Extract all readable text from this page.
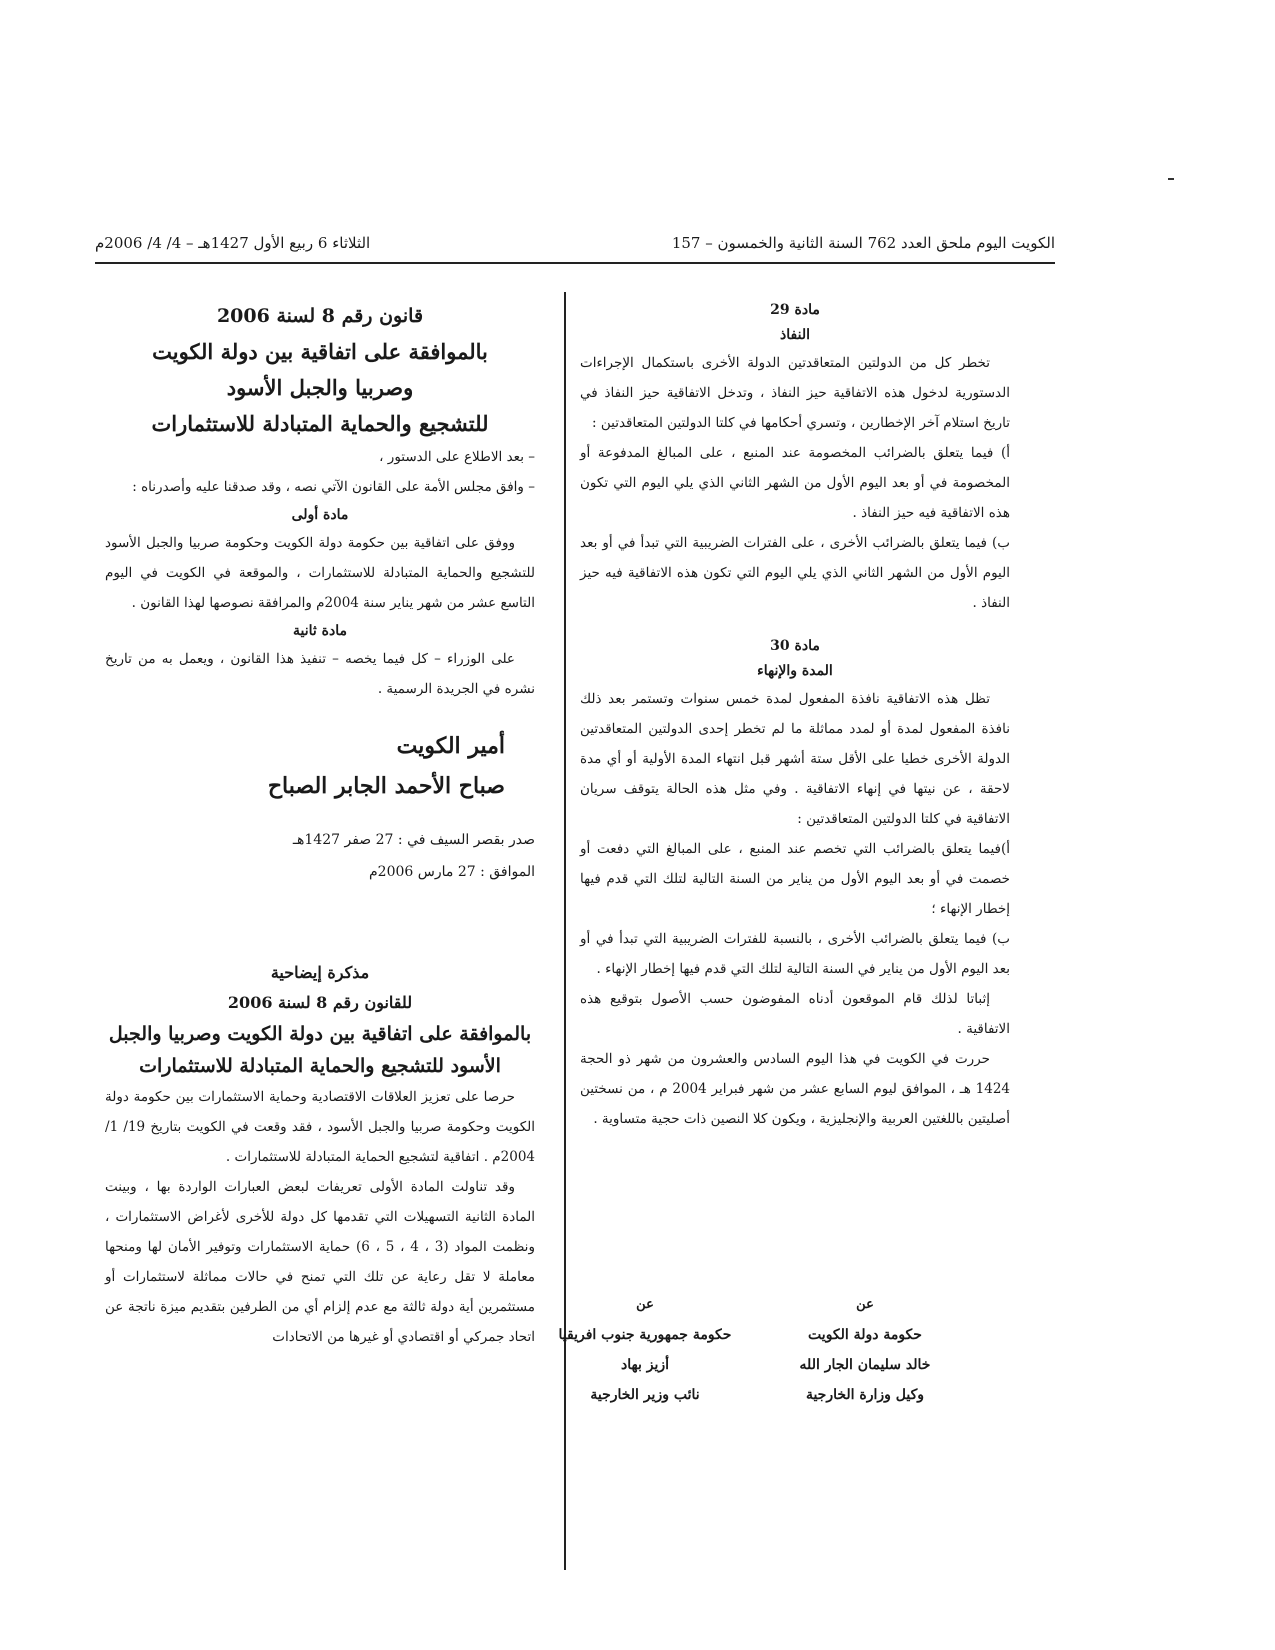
الكويت اليوم ملحق العدد 762 السنة الثانية والخمسون – 157
الثلاثاء 6 ربيع الأول 1427هـ – 4/ 4/ 2006م
مادة 29
النفاذ

تخطر كل من الدولتين المتعاقدتين الدولة الأخرى باستكمال الإجراءات الدستورية لدخول هذه الاتفاقية حيز النفاذ ، وتدخل الاتفاقية حيز النفاذ في تاريخ استلام آخر الإخطارين ، وتسري أحكامها في كلتا الدولتين المتعاقدتين :

أ) فيما يتعلق بالضرائب المخصومة عند المنبع ، على المبالغ المدفوعة أو المخصومة في أو بعد اليوم الأول من الشهر الثاني الذي يلي اليوم التي تكون هذه الاتفاقية فيه حيز النفاذ .

ب) فيما يتعلق بالضرائب الأخرى ، على الفترات الضريبية التي تبدأ في أو بعد اليوم الأول من الشهر الثاني الذي يلي اليوم التي تكون هذه الاتفاقية فيه حيز النفاذ .

مادة 30
المدة والإنهاء

تظل هذه الاتفاقية نافذة المفعول لمدة خمس سنوات وتستمر بعد ذلك نافذة المفعول لمدة أو لمدد مماثلة ما لم تخطر إحدى الدولتين المتعاقدتين الدولة الأخرى خطيا على الأقل ستة أشهر قبل انتهاء المدة الأولية أو أي مدة لاحقة ، عن نيتها في إنهاء الاتفاقية . وفي مثل هذه الحالة يتوقف سريان الاتفاقية في كلتا الدولتين المتعاقدتين :

أ)فيما يتعلق بالضرائب التي تخصم عند المنبع ، على المبالغ التي دفعت أو خصمت في أو بعد اليوم الأول من يناير من السنة التالية لتلك التي قدم فيها إخطار الإنهاء ؛

ب) فيما يتعلق بالضرائب الأخرى ، بالنسبة للفترات الضريبية التي تبدأ في أو بعد اليوم الأول من يناير في السنة التالية لتلك التي قدم فيها إخطار الإنهاء .

إثباتا لذلك قام الموقعون أدناه المفوضون حسب الأصول بتوقيع هذه الاتفاقية .

حررت في الكويت في هذا اليوم السادس والعشرون من شهر ذو الحجة 1424 هـ ، الموافق ليوم السابع عشر من شهر فبراير 2004 م ، من نسختين أصليتين باللغتين العربية والإنجليزية ، ويكون كلا النصين ذات حجية متساوية .

عن
حكومة دولة الكويت
خالد سليمان الجار الله
وكيل وزارة الخارجية
عن
حكومة جمهورية جنوب افريقيا
أزيز بهاد
نائب وزير الخارجية

قانون رقم 8 لسنة 2006

بالموافقة على اتفاقية بين دولة الكويت

وصربيا والجبل الأسود

للتشجيع والحماية المتبادلة للاستثمارات

– بعد الاطلاع على الدستور ،

– وافق مجلس الأمة على القانون الآتي نصه ، وقد صدقنا عليه وأصدرناه :

مادة أولى

ووفق على اتفاقية بين حكومة دولة الكويت وحكومة صربيا والجبل الأسود للتشجيع والحماية المتبادلة للاستثمارات ، والموقعة في الكويت في اليوم التاسع عشر من شهر يناير سنة 2004م والمرافقة نصوصها لهذا القانون .

مادة ثانية

على الوزراء – كل فيما يخصه – تنفيذ هذا القانون ، ويعمل به من تاريخ نشره في الجريدة الرسمية .

أمير الكويت

صباح الأحمد الجابر الصباح

صدر بقصر السيف في : 27 صفر 1427هـ

الموافق : 27 مارس 2006م

مذكرة إيضاحية

للقانون رقم 8 لسنة 2006

بالموافقة على اتفاقية بين دولة الكويت وصربيا والجبل

الأسود للتشجيع والحماية المتبادلة للاستثمارات

حرصا على تعزيز العلاقات الاقتصادية وحماية الاستثمارات بين حكومة دولة الكويت وحكومة صربيا والجبل الأسود ، فقد وقعت في الكويت بتاريخ 19/ 1/ 2004م . اتفاقية لتشجيع الحماية المتبادلة للاستثمارات .

وقد تناولت المادة الأولى تعريفات لبعض العبارات الواردة بها ، وبينت المادة الثانية التسهيلات التي تقدمها كل دولة للأخرى لأغراض الاستثمارات ، ونظمت المواد (3 ، 4 ، 5 ، 6) حماية الاستثمارات وتوفير الأمان لها ومنحها معاملة لا تقل رعاية عن تلك التي تمنح في حالات مماثلة لاستثمارات أو مستثمرين أية دولة ثالثة مع عدم إلزام أي من الطرفين بتقديم ميزة ناتجة عن اتحاد جمركي أو اقتصادي أو غيرها من الاتحادات
